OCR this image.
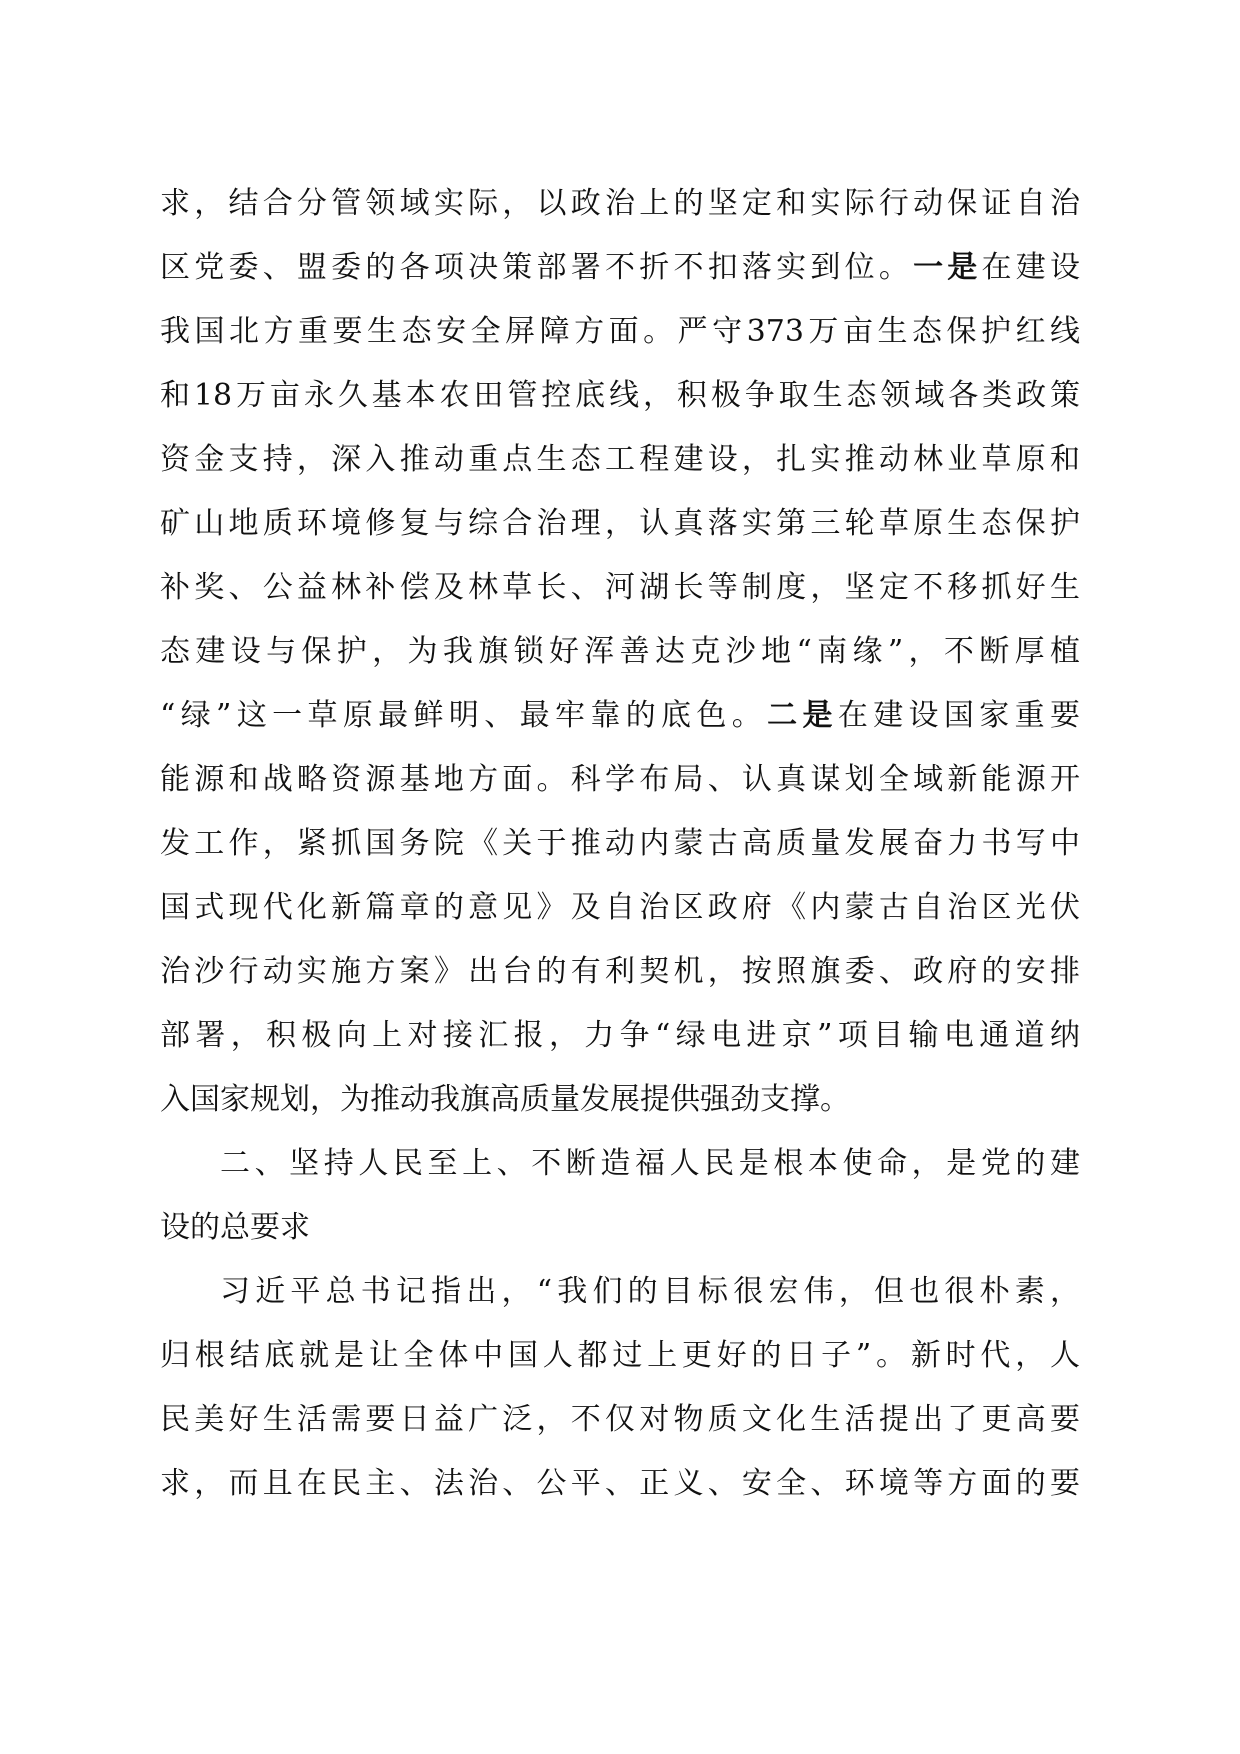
求，结合分管领域实际，以政治上的坚定和实际行动保证自治
区党委、盟委的各项决策部署不折不扣落实到位。一是在建设
我国北方重要生态安全屏障方面。严守373万亩生态保护红线
和18万亩永久基本农田管控底线，积极争取生态领域各类政策
资金支持，深入推动重点生态工程建设，扎实推动林业草原和
矿山地质环境修复与综合治理，认真落实第三轮草原生态保护
补奖、公益林补偿及林草长、河湖长等制度，坚定不移抓好生
态建设与保护，为我旗锁好浑善达克沙地“南缘”，不断厚植
“绿”这一草原最鲜明、最牢靠的底色。二是在建设国家重要
能源和战略资源基地方面。科学布局、认真谋划全域新能源开
发工作，紧抓国务院《关于推动内蒙古高质量发展奋力书写中
国式现代化新篇章的意见》及自治区政府《内蒙古自治区光伏
治沙行动实施方案》出台的有利契机，按照旗委、政府的安排
部署，积极向上对接汇报，力争“绿电进京”项目输电通道纳
入国家规划，为推动我旗高质量发展提供强劲支撑。
二、坚持人民至上、不断造福人民是根本使命，是党的建
设的总要求
习近平总书记指出，“我们的目标很宏伟，但也很朴素，
归根结底就是让全体中国人都过上更好的日子”。新时代，人
民美好生活需要日益广泛，不仅对物质文化生活提出了更高要
求，而且在民主、法治、公平、正义、安全、环境等方面的要
